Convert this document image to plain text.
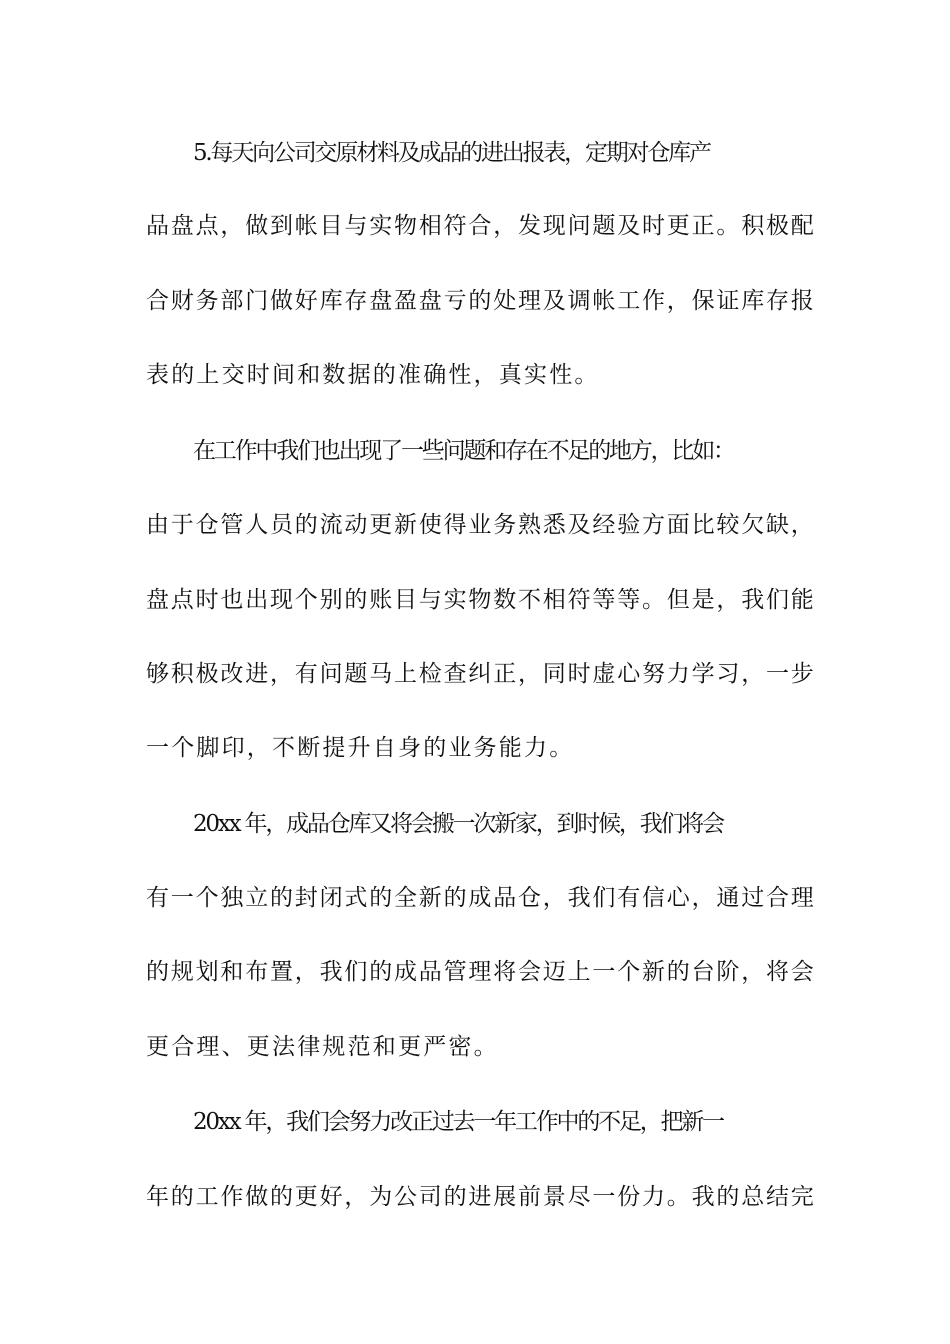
5.每天向公司交原材料及成品的进出报表，定期对仓库产
品盘点，做到帐目与实物相符合，发现问题及时更正。积极配
合财务部门做好库存盘盈盘亏的处理及调帐工作，保证库存报
表的上交时间和数据的准确性，真实性。
在工作中我们也出现了一些问题和存在不足的地方，比如：
由于仓管人员的流动更新使得业务熟悉及经验方面比较欠缺，
盘点时也出现个别的账目与实物数不相符等等。但是，我们能
够积极改进，有问题马上检查纠正，同时虚心努力学习，一步
一个脚印，不断提升自身的业务能力。
20xx 年，成品仓库又将会搬一次新家，到时候，我们将会
有一个独立的封闭式的全新的成品仓，我们有信心，通过合理
的规划和布置，我们的成品管理将会迈上一个新的台阶，将会
更合理、更法律规范和更严密。
20xx 年，我们会努力改正过去一年工作中的不足，把新一
年的工作做的更好，为公司的进展前景尽一份力。我的总结完
